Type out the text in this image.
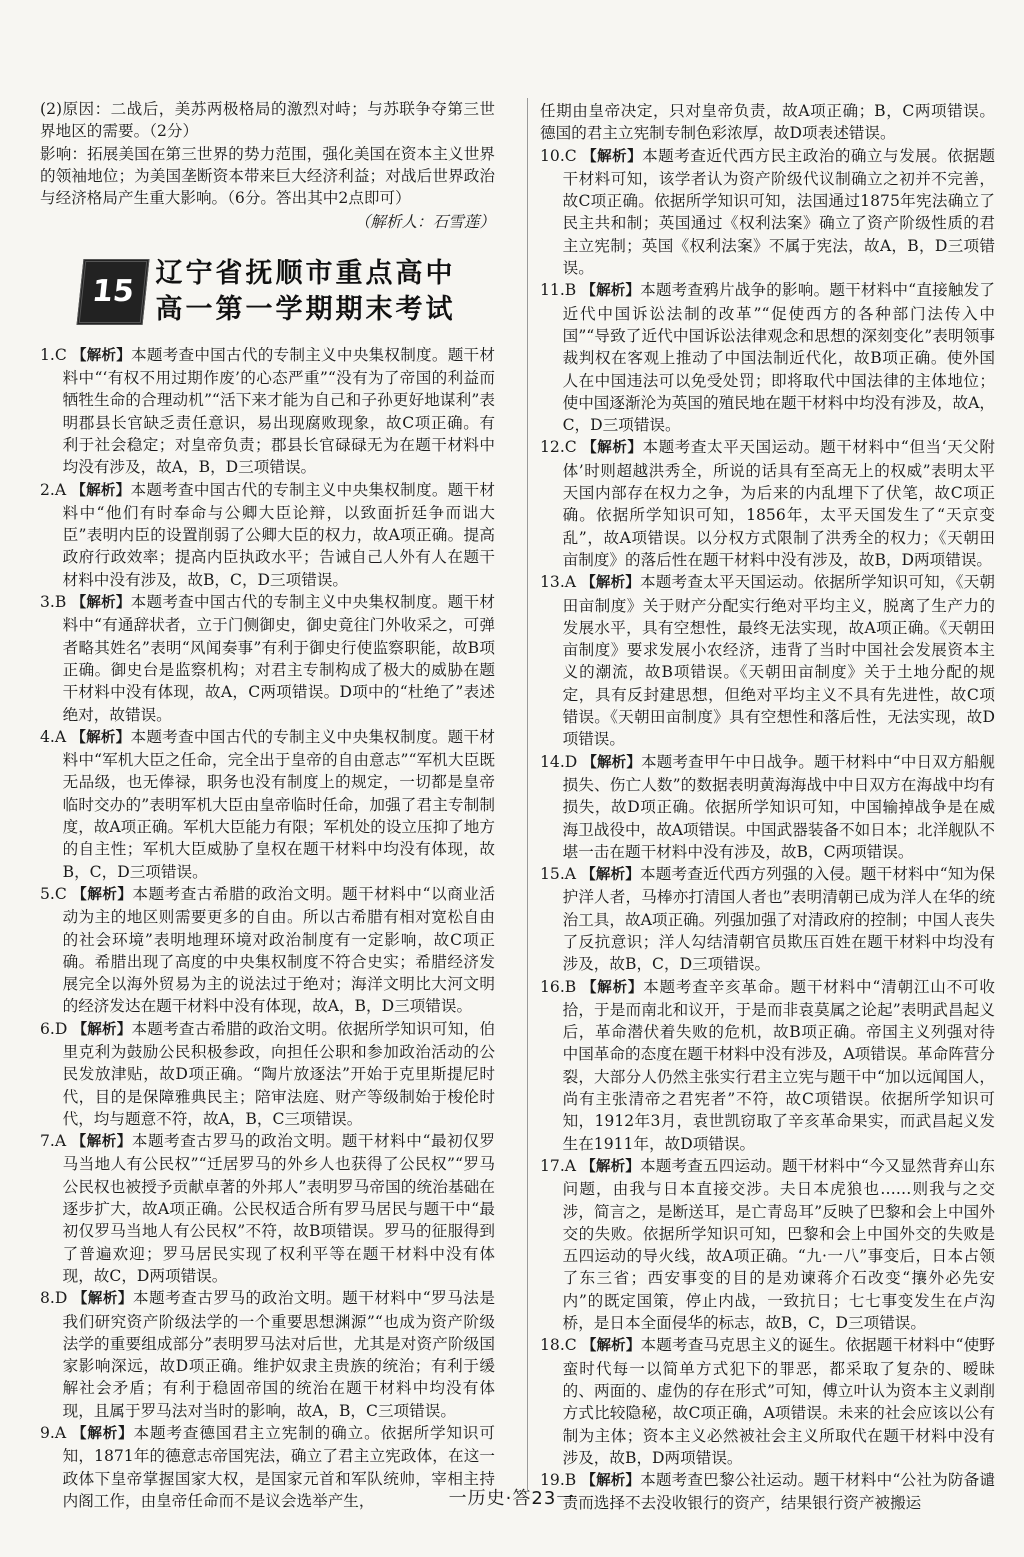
(2)原因：二战后，美苏两极格局的激烈对峙；与苏联争夺第三世界地区的需要。（2分）

影响：拓展美国在第三世界的势力范围，强化美国在资本主义世界的领袖地位；为美国垄断资本带来巨大经济利益；对战后世界政治与经济格局产生重大影响。（6分。答出其中2点即可）

（解析人：石雪莲）

15
辽宁省抚顺市重点高中
高一第一学期期末考试

1.C 【解析】本题考查中国古代的专制主义中央集权制度。题干材料中“‘有权不用过期作废’的心态严重”“没有为了帝国的利益而牺牲生命的合理动机”“活下来才能为自己和子孙更好地谋利”表明郡县长官缺乏责任意识，易出现腐败现象，故C项正确。有利于社会稳定；对皇帝负责；郡县长官碌碌无为在题干材料中均没有涉及，故A，B，D三项错误。

2.A 【解析】本题考查中国古代的专制主义中央集权制度。题干材料中“他们有时奉命与公卿大臣论辩，以致面折廷争而诎大臣”表明内臣的设置削弱了公卿大臣的权力，故A项正确。提高政府行政效率；提高内臣执政水平；告诫自己人外有人在题干材料中没有涉及，故B，C，D三项错误。

3.B 【解析】本题考查中国古代的专制主义中央集权制度。题干材料中“有通辞状者，立于门侧御史，御史竟往门外收采之，可弹者略其姓名”表明“风闻奏事”有利于御史行使监察职能，故B项正确。御史台是监察机构；对君主专制构成了极大的威胁在题干材料中没有体现，故A，C两项错误。D项中的“杜绝了”表述绝对，故错误。

4.A 【解析】本题考查中国古代的专制主义中央集权制度。题干材料中“军机大臣之任命，完全出于皇帝的自由意志”“军机大臣既无品级，也无俸禄，职务也没有制度上的规定，一切都是皇帝临时交办的”表明军机大臣由皇帝临时任命，加强了君主专制制度，故A项正确。军机大臣能力有限；军机处的设立压抑了地方的自主性；军机大臣威胁了皇权在题干材料中均没有体现，故B，C，D三项错误。

5.C 【解析】本题考查古希腊的政治文明。题干材料中“以商业活动为主的地区则需要更多的自由。所以古希腊有相对宽松自由的社会环境”表明地理环境对政治制度有一定影响，故C项正确。希腊出现了高度的中央集权制度不符合史实；希腊经济发展完全以海外贸易为主的说法过于绝对；海洋文明比大河文明的经济发达在题干材料中没有体现，故A，B，D三项错误。

6.D 【解析】本题考查古希腊的政治文明。依据所学知识可知，伯里克利为鼓励公民积极参政，向担任公职和参加政治活动的公民发放津贴，故D项正确。“陶片放逐法”开始于克里斯提尼时代，目的是保障雅典民主；陪审法庭、财产等级制始于梭伦时代，均与题意不符，故A，B，C三项错误。

7.A 【解析】本题考查古罗马的政治文明。题干材料中“最初仅罗马当地人有公民权”“迁居罗马的外乡人也获得了公民权”“罗马公民权也被授予贡献卓著的外邦人”表明罗马帝国的统治基础在逐步扩大，故A项正确。公民权适合所有罗马居民与题干中“最初仅罗马当地人有公民权”不符，故B项错误。罗马的征服得到了普遍欢迎；罗马居民实现了权利平等在题干材料中没有体现，故C，D两项错误。

8.D 【解析】本题考查古罗马的政治文明。题干材料中“罗马法是我们研究资产阶级法学的一个重要思想渊源”“也成为资产阶级法学的重要组成部分”表明罗马法对后世，尤其是对资产阶级国家影响深远，故D项正确。维护奴隶主贵族的统治；有利于缓解社会矛盾；有利于稳固帝国的统治在题干材料中均没有体现，且属于罗马法对当时的影响，故A，B，C三项错误。

9.A 【解析】本题考查德国君主立宪制的确立。依据所学知识可知，1871年的德意志帝国宪法，确立了君主立宪政体，在这一政体下皇帝掌握国家大权，是国家元首和军队统帅，宰相主持内阁工作，由皇帝任命而不是议会选举产生，

任期由皇帝决定，只对皇帝负责，故A项正确；B，C两项错误。德国的君主立宪制专制色彩浓厚，故D项表述错误。

10.C 【解析】本题考查近代西方民主政治的确立与发展。依据题干材料可知，该学者认为资产阶级代议制确立之初并不完善，故C项正确。依据所学知识可知，法国通过1875年宪法确立了民主共和制；英国通过《权利法案》确立了资产阶级性质的君主立宪制；英国《权利法案》不属于宪法，故A，B，D三项错误。

11.B 【解析】本题考查鸦片战争的影响。题干材料中“直接触发了近代中国诉讼法制的改革”“促使西方的各种部门法传入中国”“导致了近代中国诉讼法律观念和思想的深刻变化”表明领事裁判权在客观上推动了中国法制近代化，故B项正确。使外国人在中国违法可以免受处罚；即将取代中国法律的主体地位；使中国逐渐沦为英国的殖民地在题干材料中均没有涉及，故A，C，D三项错误。

12.C 【解析】本题考查太平天国运动。题干材料中“但当‘天父附体’时则超越洪秀全，所说的话具有至高无上的权威”表明太平天国内部存在权力之争，为后来的内乱埋下了伏笔，故C项正确。依据所学知识可知，1856年，太平天国发生了“天京变乱”，故A项错误。以分权方式限制了洪秀全的权力；《天朝田亩制度》的落后性在题干材料中没有涉及，故B，D两项错误。

13.A 【解析】本题考查太平天国运动。依据所学知识可知，《天朝田亩制度》关于财产分配实行绝对平均主义，脱离了生产力的发展水平，具有空想性，最终无法实现，故A项正确。《天朝田亩制度》要求发展小农经济，违背了当时中国社会发展资本主义的潮流，故B项错误。《天朝田亩制度》关于土地分配的规定，具有反封建思想，但绝对平均主义不具有先进性，故C项错误。《天朝田亩制度》具有空想性和落后性，无法实现，故D项错误。

14.D 【解析】本题考查甲午中日战争。题干材料中“中日双方船舰损失、伤亡人数”的数据表明黄海海战中中日双方在海战中均有损失，故D项正确。依据所学知识可知，中国输掉战争是在威海卫战役中，故A项错误。中国武器装备不如日本；北洋舰队不堪一击在题干材料中没有涉及，故B，C两项错误。

15.A 【解析】本题考查近代西方列强的入侵。题干材料中“知为保护洋人者，马棒亦打清国人者也”表明清朝已成为洋人在华的统治工具，故A项正确。列强加强了对清政府的控制；中国人丧失了反抗意识；洋人勾结清朝官员欺压百姓在题干材料中均没有涉及，故B，C，D三项错误。

16.B 【解析】本题考查辛亥革命。题干材料中“清朝江山不可收拾，于是而南北和议开，于是而非袁莫属之论起”表明武昌起义后，革命潜伏着失败的危机，故B项正确。帝国主义列强对待中国革命的态度在题干材料中没有涉及，A项错误。革命阵营分裂，大部分人仍然主张实行君主立宪与题干中“加以远闻国人，尚有主张清帝之君宪者”不符，故C项错误。依据所学知识可知，1912年3月，袁世凯窃取了辛亥革命果实，而武昌起义发生在1911年，故D项错误。

17.A 【解析】本题考查五四运动。题干材料中“今又显然背弃山东问题，由我与日本直接交涉。夫日本虎狼也……则我与之交涉，简言之，是断送耳，是亡青岛耳”反映了巴黎和会上中国外交的失败。依据所学知识可知，巴黎和会上中国外交的失败是五四运动的导火线，故A项正确。“九·一八”事变后，日本占领了东三省；西安事变的目的是劝谏蒋介石改变“攘外必先安内”的既定国策，停止内战，一致抗日；七七事变发生在卢沟桥，是日本全面侵华的标志，故B，C，D三项错误。

18.C 【解析】本题考查马克思主义的诞生。依据题干材料中“使野蛮时代每一以简单方式犯下的罪恶，都采取了复杂的、暧昧的、两面的、虚伪的存在形式”可知，傅立叶认为资本主义剥削方式比较隐秘，故C项正确，A项错误。未来的社会应该以公有制为主体；资本主义必然被社会主义所取代在题干材料中没有涉及，故B，D两项错误。

19.B 【解析】本题考查巴黎公社运动。题干材料中“公社为防备谴责而选择不去没收银行的资产，结果银行资产被搬运

一历史·答23一
